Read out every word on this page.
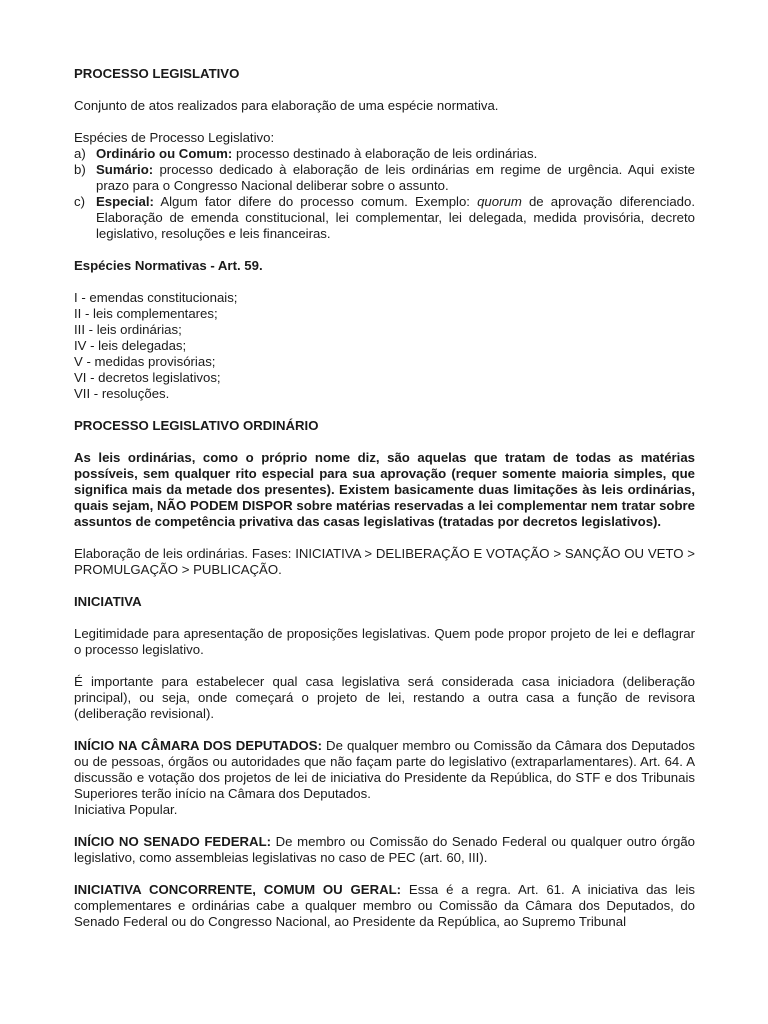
PROCESSO LEGISLATIVO

Conjunto de atos realizados para elaboração de uma espécie normativa.

Espécies de Processo Legislativo:

a) Ordinário ou Comum: processo destinado à elaboração de leis ordinárias.
b) Sumário: processo dedicado à elaboração de leis ordinárias em regime de urgência. Aqui existe prazo para o Congresso Nacional deliberar sobre o assunto.
c) Especial: Algum fator difere do processo comum. Exemplo: quorum de aprovação diferenciado. Elaboração de emenda constitucional, lei complementar, lei delegada, medida provisória, decreto legislativo, resoluções e leis financeiras.

Espécies Normativas - Art. 59.

I - emendas constitucionais;

II - leis complementares;

III - leis ordinárias;

IV - leis delegadas;

V - medidas provisórias;

VI - decretos legislativos;

VII - resoluções.

PROCESSO LEGISLATIVO ORDINÁRIO

As leis ordinárias, como o próprio nome diz, são aquelas que tratam de todas as matérias possíveis, sem qualquer rito especial para sua aprovação (requer somente maioria simples, que significa mais da metade dos presentes). Existem basicamente duas limitações às leis ordinárias, quais sejam, NÃO PODEM DISPOR sobre matérias reservadas a lei complementar nem tratar sobre assuntos de competência privativa das casas legislativas (tratadas por decretos legislativos).

Elaboração de leis ordinárias. Fases: INICIATIVA > DELIBERAÇÃO E VOTAÇÃO > SANÇÃO OU VETO > PROMULGAÇÃO > PUBLICAÇÃO.

INICIATIVA

Legitimidade para apresentação de proposições legislativas. Quem pode propor projeto de lei e deflagrar o processo legislativo.

É importante para estabelecer qual casa legislativa será considerada casa iniciadora (deliberação principal), ou seja, onde começará o projeto de lei, restando a outra casa a função de revisora (deliberação revisional).

INÍCIO NA CÂMARA DOS DEPUTADOS: De qualquer membro ou Comissão da Câmara dos Deputados ou de pessoas, órgãos ou autoridades que não façam parte do legislativo (extraparlamentares). Art. 64. A discussão e votação dos projetos de lei de iniciativa do Presidente da República, do STF e dos Tribunais Superiores terão início na Câmara dos Deputados.

Iniciativa Popular.

INÍCIO NO SENADO FEDERAL: De membro ou Comissão do Senado Federal ou qualquer outro órgão legislativo, como assembleias legislativas no caso de PEC (art. 60, III).

INICIATIVA CONCORRENTE, COMUM OU GERAL: Essa é a regra. Art. 61. A iniciativa das leis complementares e ordinárias cabe a qualquer membro ou Comissão da Câmara dos Deputados, do Senado Federal ou do Congresso Nacional, ao Presidente da República, ao Supremo Tribunal
